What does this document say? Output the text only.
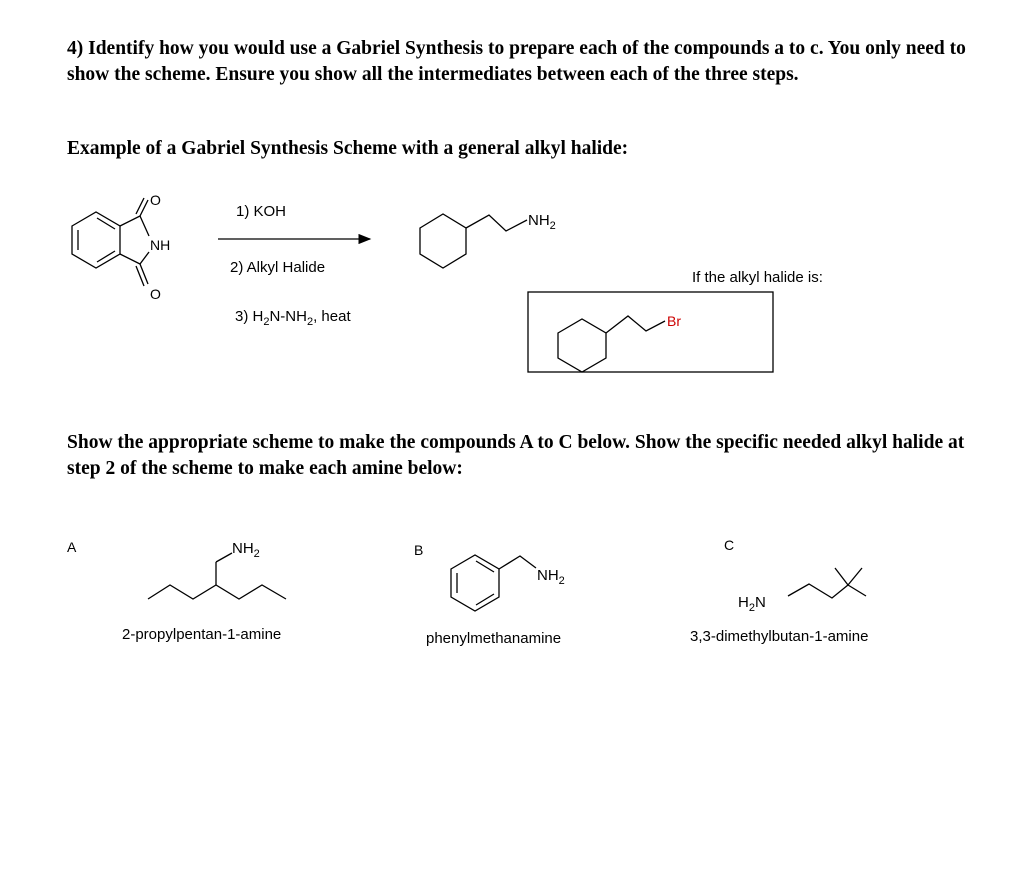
4) Identify how you would use a Gabriel Synthesis to prepare each of the compounds a to c. You only need to show the scheme. Ensure you show all the intermediates between each of the three steps.

Example of a Gabriel Synthesis Scheme with a general alkyl halide:

Show the appropriate scheme to make the compounds A to C below. Show the specific needed alkyl halide at step 2 of the scheme to make each amine below:

O
O
NH
1) KOH
2) Alkyl Halide
3) $H_2N-NH_2$, heat
$NH_2$
If the alkyl halide is:
Br
A	$NH_2$
2-propylpentan-1-amine
B
$NH_2$
phenylmethanamine
C
$H_2N$
3,3-dimethylbutan-1-amine
